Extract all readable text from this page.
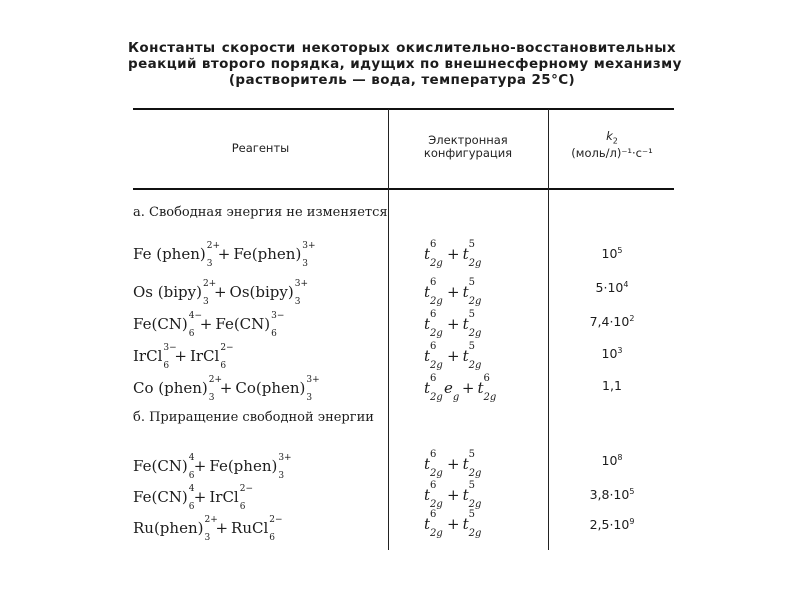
Константы скорости некоторых окислительно-восстановительных
реакций второго порядка, идущих по внешнесферному механизму
(растворитель — вода, температура 25°С)
Реагенты
Электронная
конфигурация
$k_2$
(моль/л)⁻¹·с⁻¹
а. Свободная энергия не изменяется
Fe (phen) 2+
3
+ Fe(phen) 3+
3
t
6
2g + t
5
2g
$10^5$
Os (bipy) 2+
3
+ Os(bipy) 3+
3
t
6
2g + t
5
2g
$5\cdot 10^4$
Fe(CN) 4−
6
+ Fe(CN) 3−
6
t
6
2g + t
5
2g
$7,4\cdot 10^2$
IrCl 3−
6
+ IrCl 2−
6
t
6
2g + t
5
2g
$10^3$
Co (phen) 2+
3
+ Co(phen) 3+
3
t
6
2g e g + t
6
2g
1,1
б. Приращение свободной энергии
Fe(CN) 4
6
+ Fe(phen) 3+
3
t
6
2g + t
5
2g
$10^8$
Fe(CN) 4
6
+ IrCl 2−
6
t
6
2g + t
5
2g
$3,8\cdot 10^5$
Ru(phen) 2+
3
+ RuCl 2−
6
t
6
2g + t
5
2g
$2,5\cdot 10^9$
